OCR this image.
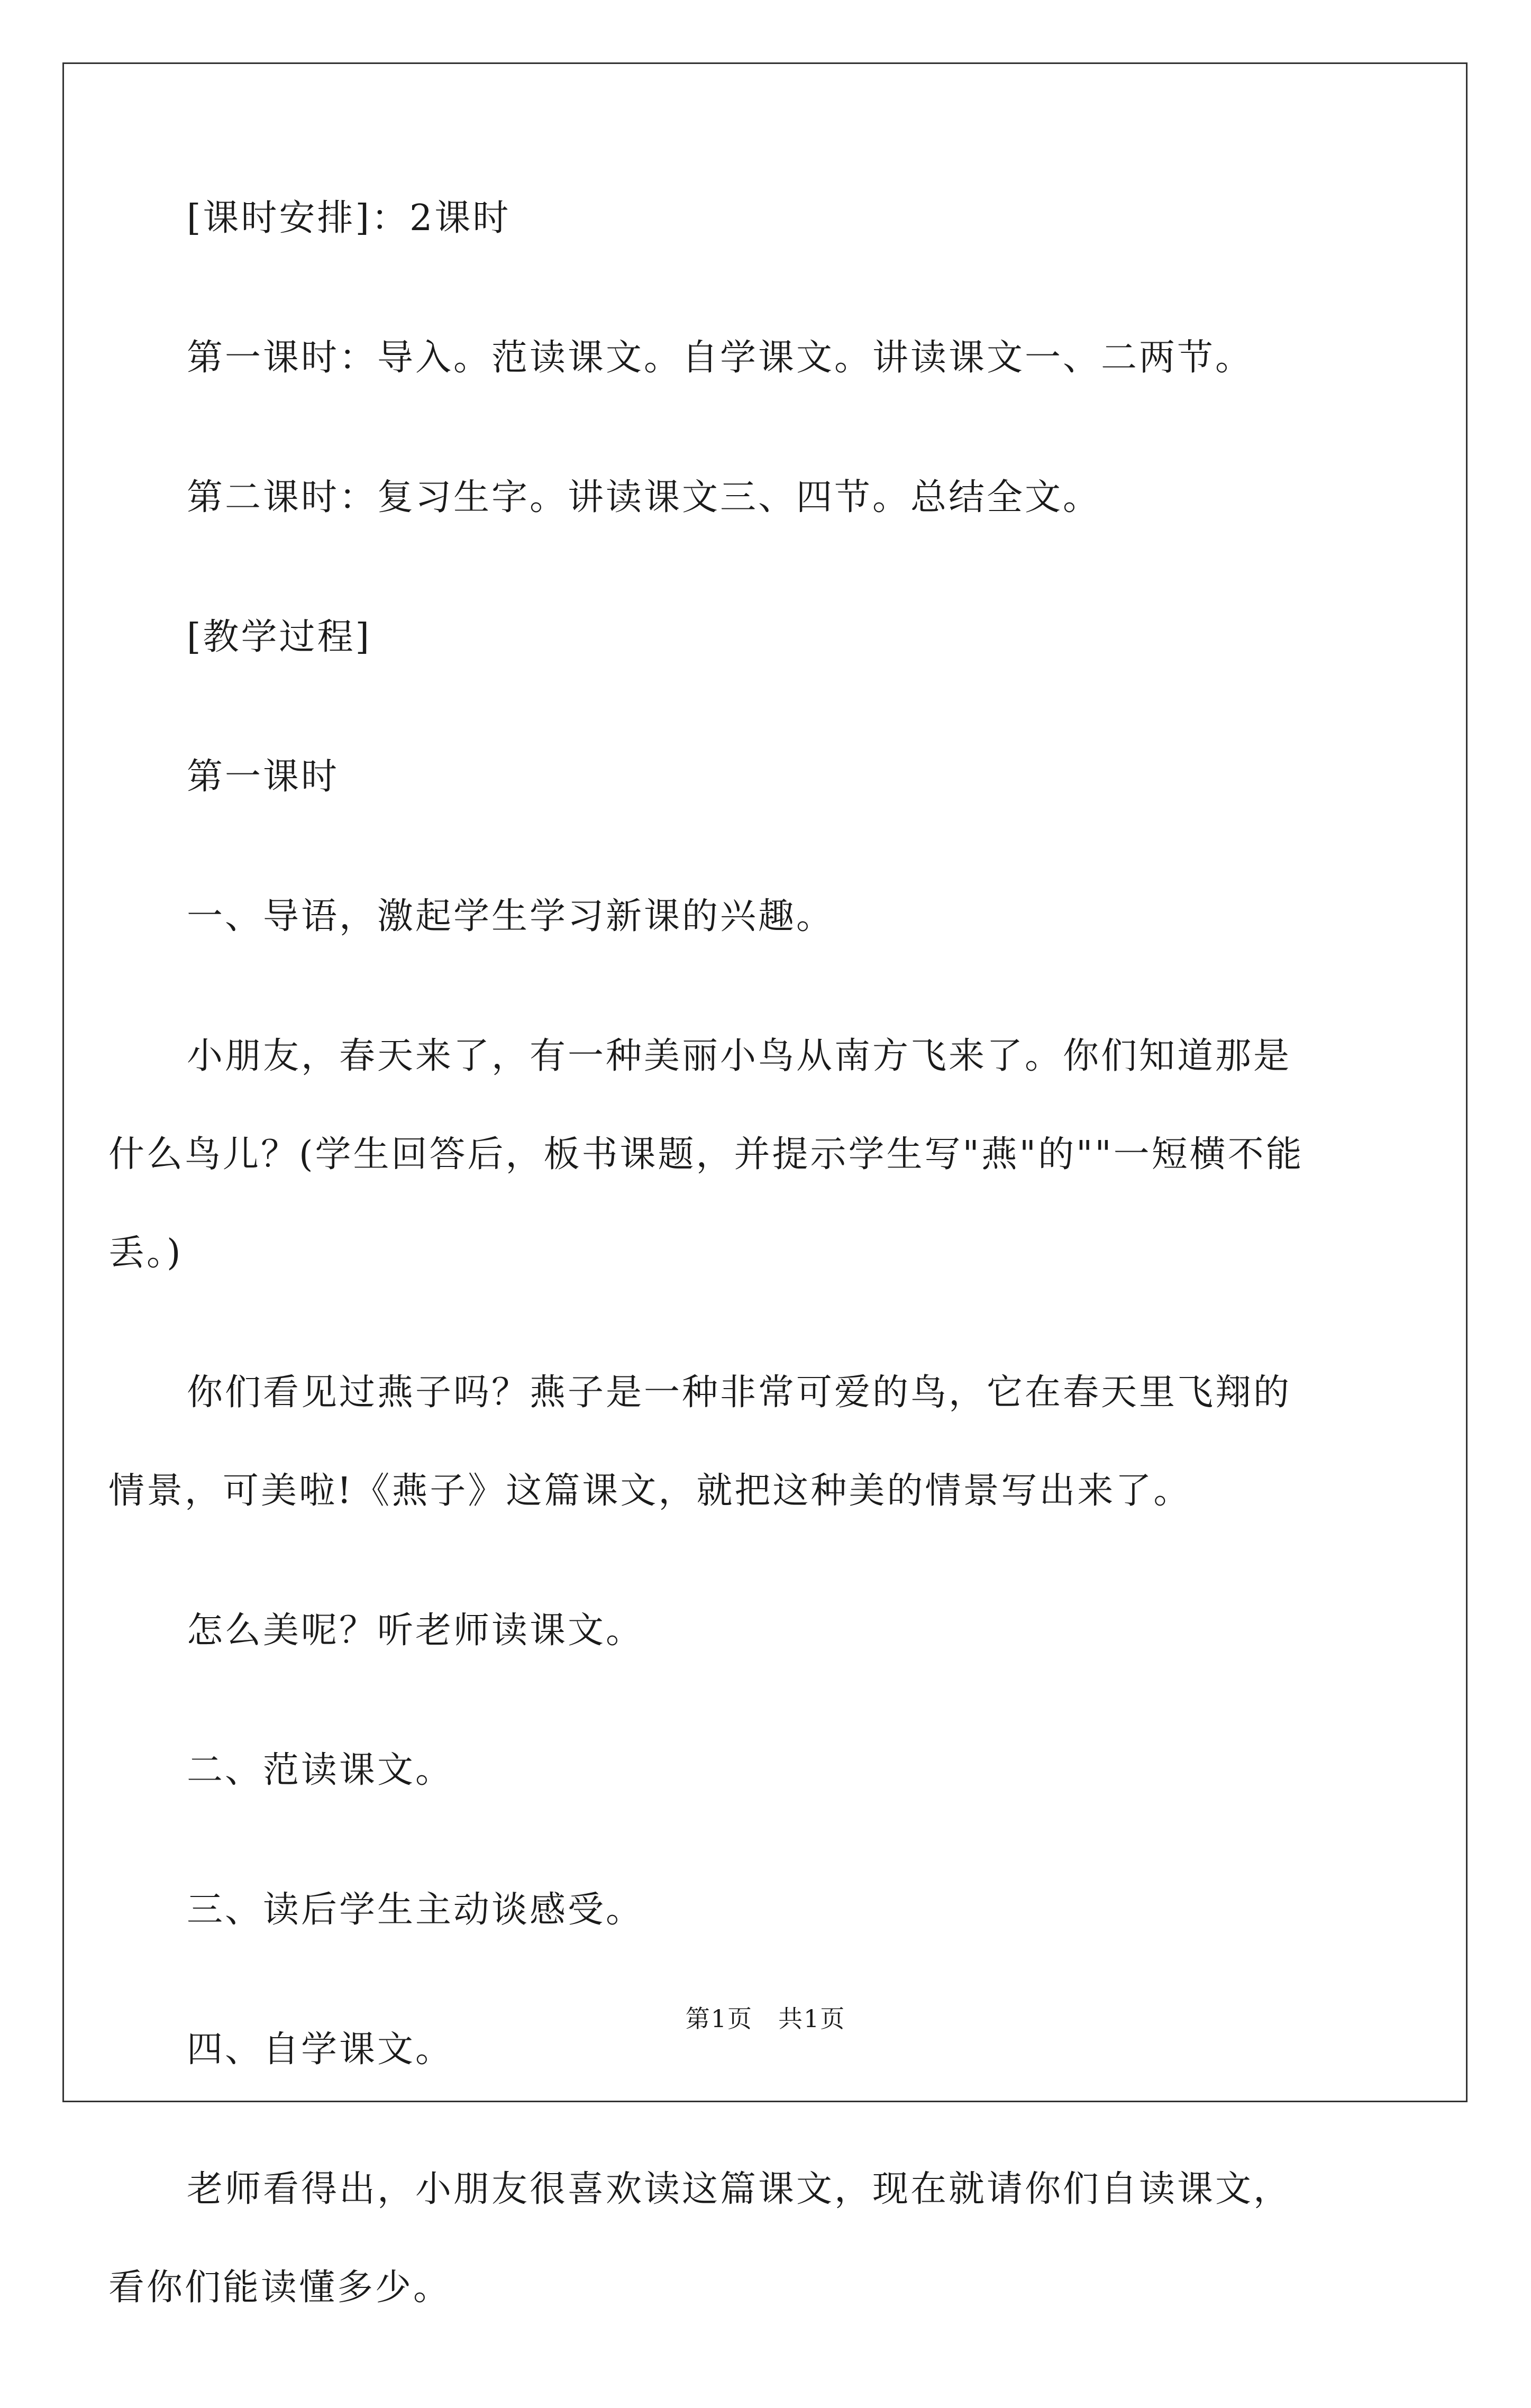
[课时安排]：2课时

第一课时：导入。范读课文。自学课文。讲读课文一、二两节。

第二课时：复习生字。讲读课文三、四节。总结全文。

[教学过程]

第一课时

一、导语，激起学生学习新课的兴趣。

小朋友，春天来了，有一种美丽小鸟从南方飞来了。你们知道那是什么鸟儿？(学生回答后，板书课题，并提示学生写"燕"的""一短横不能丢。)

你们看见过燕子吗？燕子是一种非常可爱的鸟，它在春天里飞翔的情景，可美啦!《燕子》这篇课文，就把这种美的情景写出来了。

怎么美呢？听老师读课文。

二、范读课文。

三、读后学生主动谈感受。

四、自学课文。

老师看得出，小朋友很喜欢读这篇课文，现在就请你们自读课文，看你们能读懂多少。

第1页　共1页
